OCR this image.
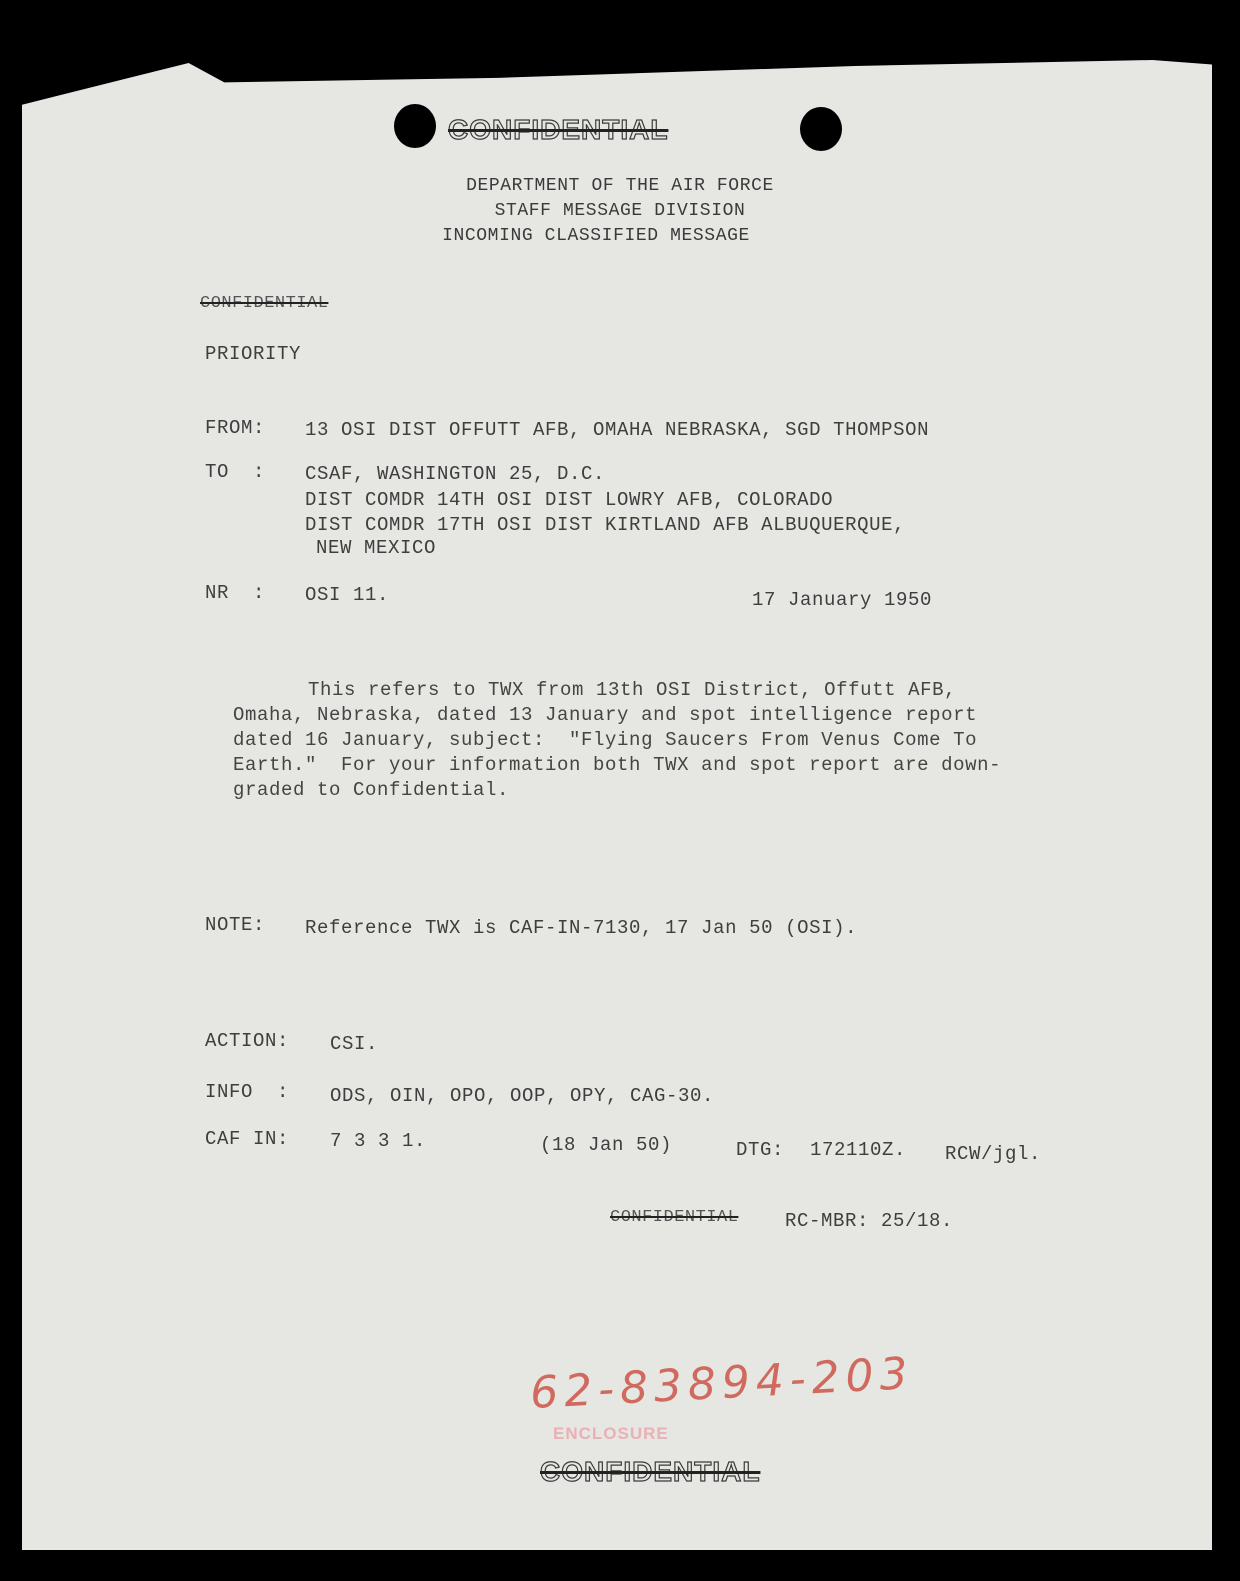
CONFIDENTIAL
DEPARTMENT OF THE AIR FORCE
STAFF MESSAGE DIVISION
INCOMING CLASSIFIED MESSAGE
CONFIDENTIAL
PRIORITY
FROM: 13 OSI DIST OFFUTT AFB, OMAHA NEBRASKA, SGD THOMPSON
TO  : CSAF, WASHINGTON 25, D.C.
DIST COMDR 14TH OSI DIST LOWRY AFB, COLORADO
DIST COMDR 17TH OSI DIST KIRTLAND AFB ALBUQUERQUE,
NEW MEXICO
NR  : OSI 11.	17 January 1950
This refers to TWX from 13th OSI District, Offutt AFB,
Omaha, Nebraska, dated 13 January and spot intelligence report
dated 16 January, subject:  "Flying Saucers From Venus Come To
Earth."  For your information both TWX and spot report are down-
graded to Confidential.
NOTE: Reference TWX is CAF-IN-7130, 17 Jan 50 (OSI).
ACTION: CSI.
INFO  : ODS, OIN, OPO, OOP, OPY, CAG-30.
CAF IN: 7 3 3 1.	(18 Jan 50)	DTG: 172110Z. RCW/jgl.
CONFIDENTIAL RC-MBR: 25/18.
62-83894-203
ENCLOSURE
CONFIDENTIAL
